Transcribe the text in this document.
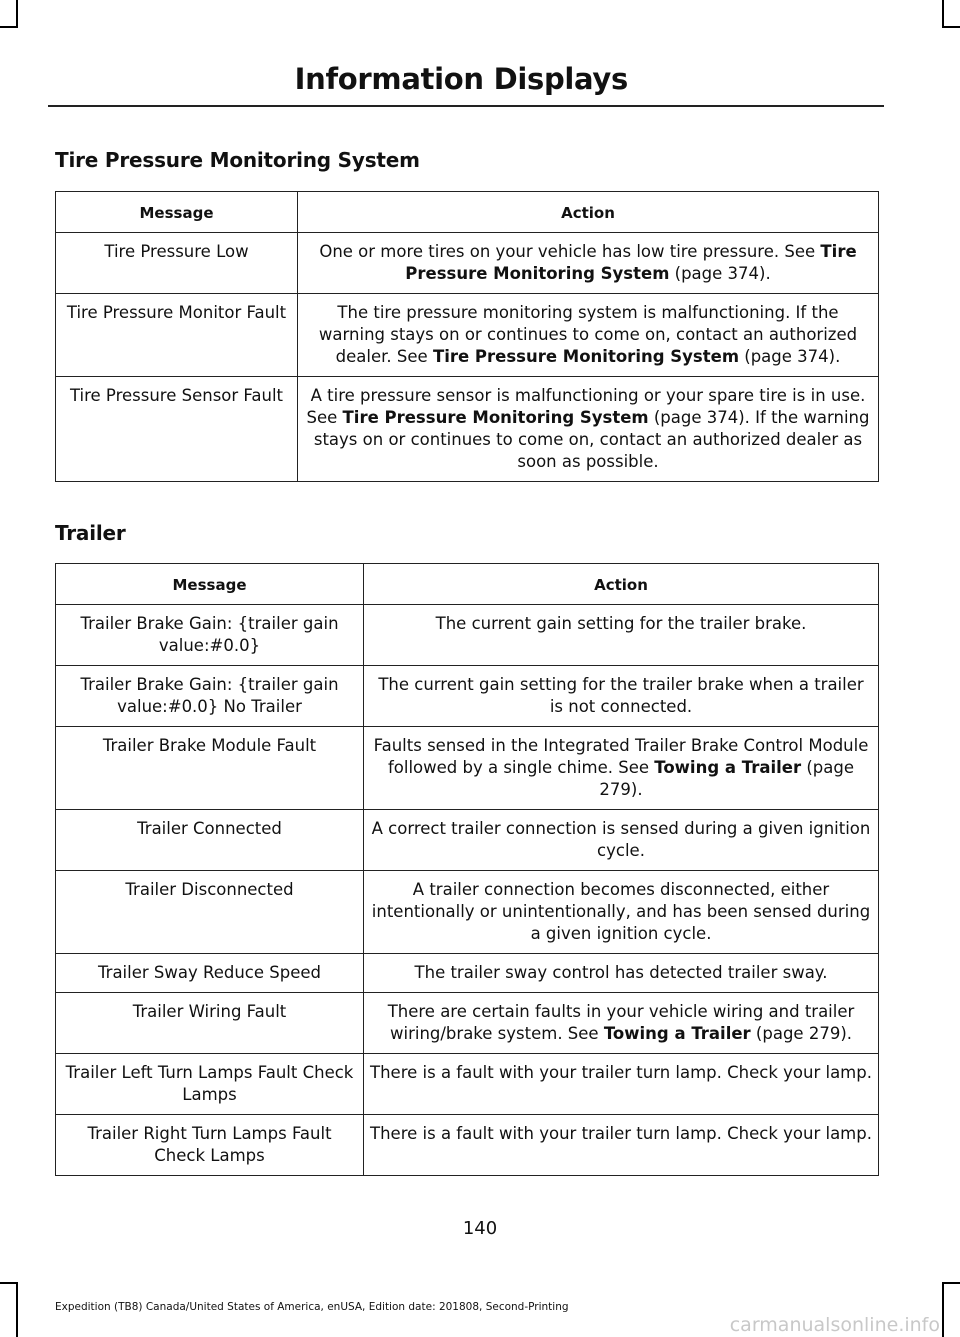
Information Displays
Tire Pressure Monitoring System
Message	Action
Tire Pressure Low	One or more tires on your vehicle has low tire pressure. See Tire Pressure Monitoring System (page 374).
Tire Pressure Monitor Fault	The tire pressure monitoring system is malfunctioning. If the warning stays on or continues to come on, contact an authorized dealer. See Tire Pressure Monitoring System (page 374).
Tire Pressure Sensor Fault	A tire pressure sensor is malfunctioning or your spare tire is in use. See Tire Pressure Monitoring System (page 374). If the warning stays on or continues to come on, contact an authorized dealer as soon as possible.
Trailer
Message	Action
Trailer Brake Gain: {trailer gain value:#0.0}	The current gain setting for the trailer brake.
Trailer Brake Gain: {trailer gain value:#0.0} No Trailer	The current gain setting for the trailer brake when a trailer is not connected.
Trailer Brake Module Fault	Faults sensed in the Integrated Trailer Brake Control Module followed by a single chime. See Towing a Trailer (page 279).
Trailer Connected	A correct trailer connection is sensed during a given ignition cycle.
Trailer Disconnected	A trailer connection becomes disconnected, either intentionally or unintentionally, and has been sensed during a given ignition cycle.
Trailer Sway Reduce Speed	The trailer sway control has detected trailer sway.
Trailer Wiring Fault	There are certain faults in your vehicle wiring and trailer wiring/brake system. See Towing a Trailer (page 279).
Trailer Left Turn Lamps Fault Check Lamps	There is a fault with your trailer turn lamp. Check your lamp.
Trailer Right Turn Lamps Fault Check Lamps	There is a fault with your trailer turn lamp. Check your lamp.
140
Expedition (TB8) Canada/United States of America, enUSA, Edition date: 201808, Second-Printing
carmanualsonline.info
